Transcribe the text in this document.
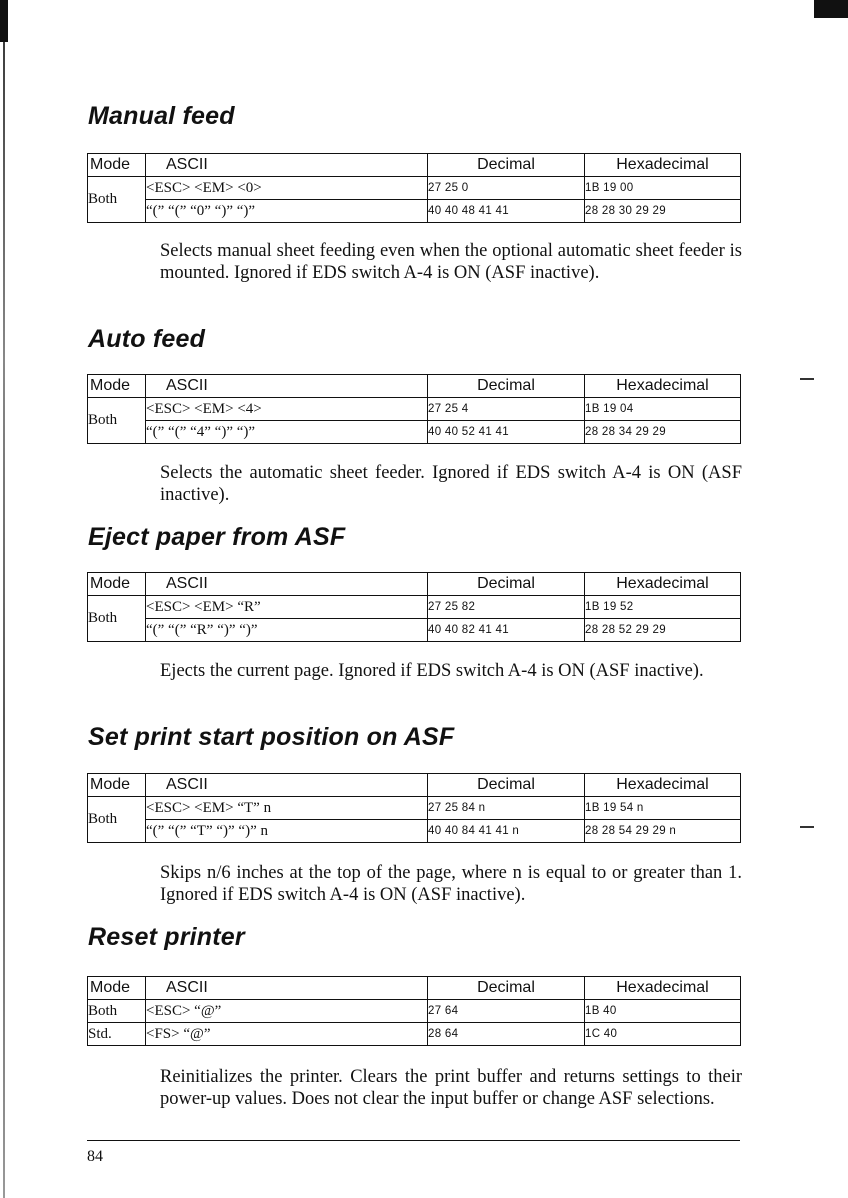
Manual feed
Mode	ASCII	Decimal	Hexadecimal
Both	<ESC> <EM> <0>	27 25 0	1B 19 00
	“(” “(” “0” “)” “)”	40 40 48 41 41	28 28 30 29 29

Selects manual sheet feeding even when the optional automatic sheet feeder is mounted. Ignored if EDS switch A-4 is ON (ASF inactive).

Auto feed
Mode	ASCII	Decimal	Hexadecimal
Both	<ESC> <EM> <4>	27 25 4	1B 19 04
	“(” “(” “4” “)” “)”	40 40 52 41 41	28 28 34 29 29

Selects the automatic sheet feeder. Ignored if EDS switch A-4 is ON (ASF inactive).

Eject paper from ASF
Mode	ASCII	Decimal	Hexadecimal
Both	<ESC> <EM> “R”	27 25 82	1B 19 52
	“(” “(” “R” “)” “)”	40 40 82 41 41	28 28 52 29 29

Ejects the current page. Ignored if EDS switch A-4 is ON (ASF inactive).

Set print start position on ASF
Mode	ASCII	Decimal	Hexadecimal
Both	<ESC> <EM> “T” n	27 25 84 n	1B 19 54 n
	“(” “(” “T” “)” “)” n	40 40 84 41 41 n	28 28 54 29 29 n

Skips n/6 inches at the top of the page, where n is equal to or greater than 1. Ignored if EDS switch A-4 is ON (ASF inactive).

Reset printer
Mode	ASCII	Decimal	Hexadecimal
Both	<ESC> “@”	27 64	1B 40
Std.	<FS> “@”	28 64	1C 40

Reinitializes the printer. Clears the print buffer and returns settings to their power-up values. Does not clear the input buffer or change ASF selections.

84
